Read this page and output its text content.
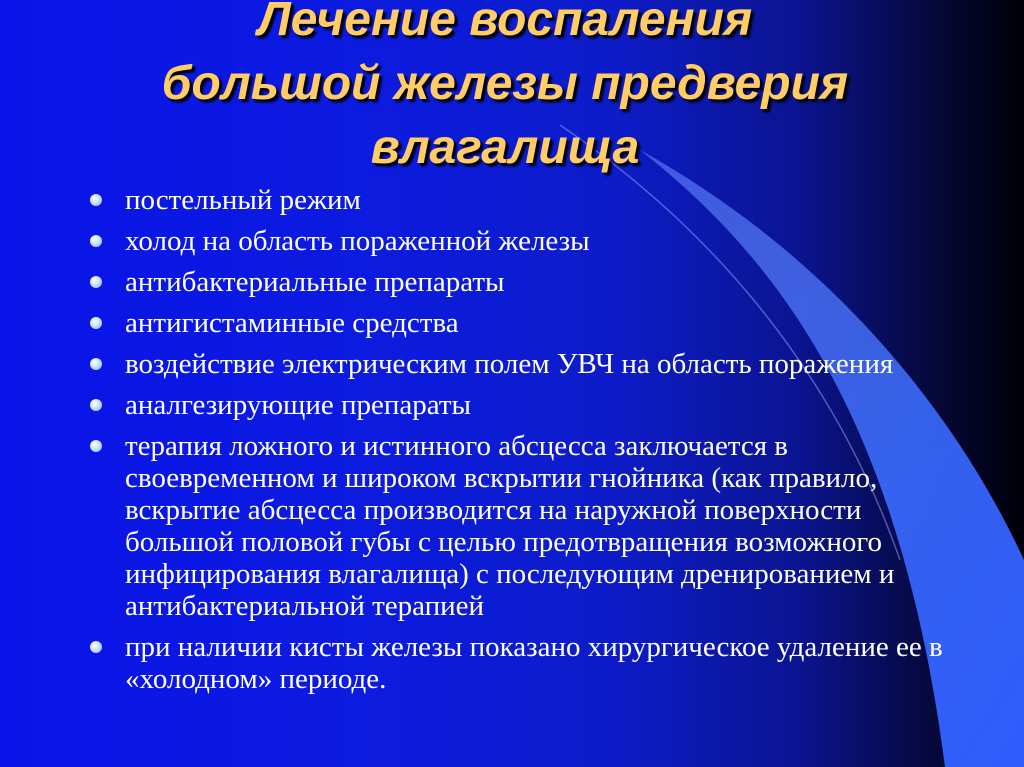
Лечение воспаления
большой железы предверия
влагалища
постельный режим
холод на область пораженной железы
антибактериальные препараты
антигистаминные средства
воздействие электрическим полем УВЧ на область поражения
аналгезирующие препараты
терапия ложного и истинного абсцесса заключается в своевременном и широком вскрытии гнойника (как правило, вскрытие абсцесса производится на наружной поверхности большой половой губы с целью предотвращения возможного инфицирования влагалища) с последующим дренированием и антибактериальной терапией
при наличии кисты железы показано хирургическое удаление ее в «холодном» периоде.
